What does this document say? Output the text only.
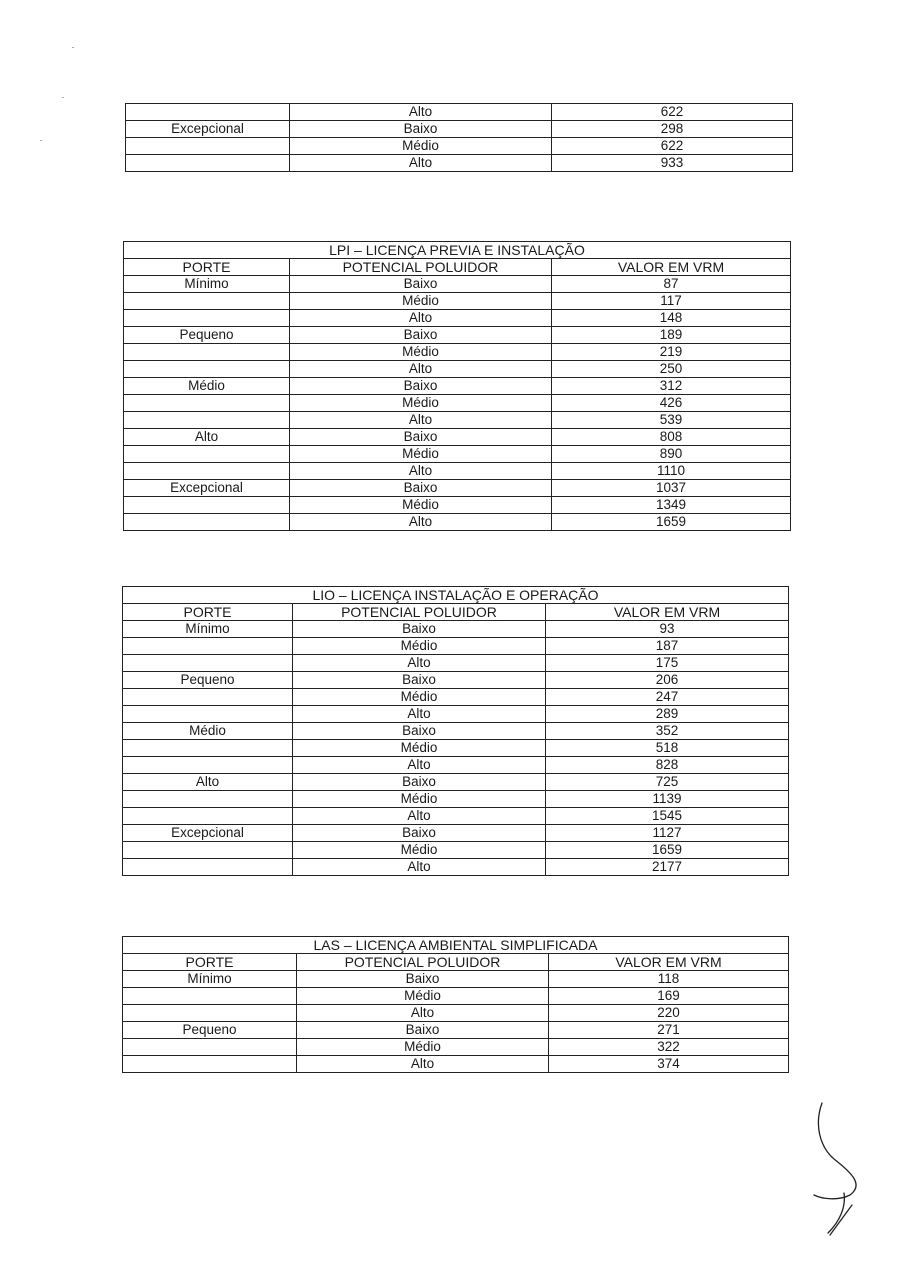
	Alto	622
Excepcional	Baixo	298
	Médio	622
	Alto	933
LPI – LICENÇA PREVIA E INSTALAÇÃO		
PORTE	POTENCIAL POLUIDOR	VALOR EM VRM
Mínimo	Baixo	87
	Médio	117
	Alto	148
Pequeno	Baixo	189
	Médio	219
	Alto	250
Médio	Baixo	312
	Médio	426
	Alto	539
Alto	Baixo	808
	Médio	890
	Alto	1110
Excepcional	Baixo	1037
	Médio	1349
	Alto	1659
LIO – LICENÇA INSTALAÇÃO E OPERAÇÃO		
PORTE	POTENCIAL POLUIDOR	VALOR EM VRM
Mínimo	Baixo	93
	Médio	187
	Alto	175
Pequeno	Baixo	206
	Médio	247
	Alto	289
Médio	Baixo	352
	Médio	518
	Alto	828
Alto	Baixo	725
	Médio	1139
	Alto	1545
Excepcional	Baixo	1127
	Médio	1659
	Alto	2177
LAS – LICENÇA AMBIENTAL SIMPLIFICADA		
PORTE	POTENCIAL POLUIDOR	VALOR EM VRM
Mínimo	Baixo	118
	Médio	169
	Alto	220
Pequeno	Baixo	271
	Médio	322
	Alto	374
